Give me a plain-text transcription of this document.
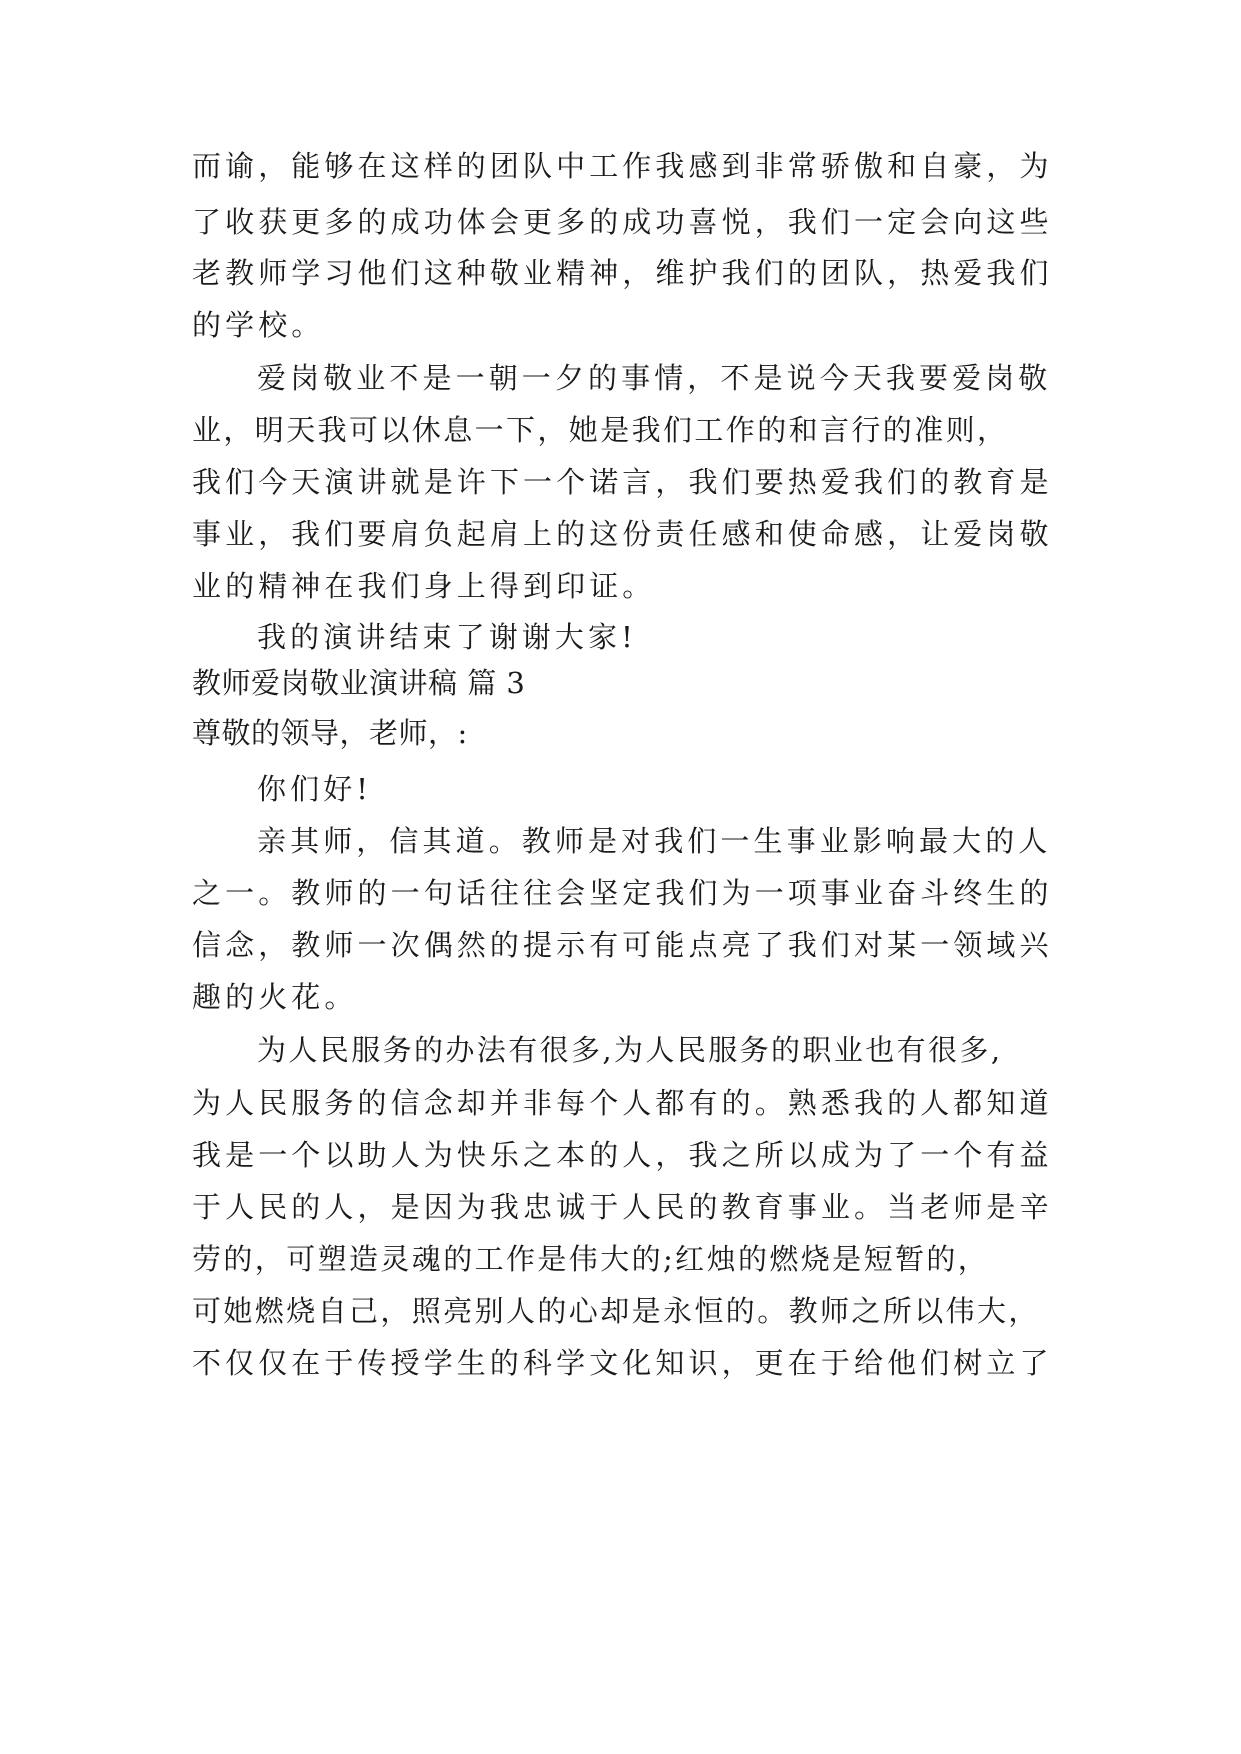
而谕，能够在这样的团队中工作我感到非常骄傲和自豪，为
了收获更多的成功体会更多的成功喜悦，我们一定会向这些
老教师学习他们这种敬业精神，维护我们的团队，热爱我们
的学校。
爱岗敬业不是一朝一夕的事情，不是说今天我要爱岗敬
业，明天我可以休息一下，她是我们工作的和言行的准则，
我们今天演讲就是许下一个诺言，我们要热爱我们的教育是
事业，我们要肩负起肩上的这份责任感和使命感，让爱岗敬
业的精神在我们身上得到印证。
我的演讲结束了谢谢大家!
教师爱岗敬业演讲稿 篇 3
尊敬的领导，老师，:
你们好!
亲其师，信其道。教师是对我们一生事业影响最大的人
之一。教师的一句话往往会坚定我们为一项事业奋斗终生的
信念，教师一次偶然的提示有可能点亮了我们对某一领域兴
趣的火花。
为人民服务的办法有很多,为人民服务的职业也有很多,
为人民服务的信念却并非每个人都有的。熟悉我的人都知道
我是一个以助人为快乐之本的人，我之所以成为了一个有益
于人民的人，是因为我忠诚于人民的教育事业。当老师是辛
劳的，可塑造灵魂的工作是伟大的;红烛的燃烧是短暂的，
可她燃烧自己，照亮别人的心却是永恒的。教师之所以伟大，
不仅仅在于传授学生的科学文化知识，更在于给他们树立了
